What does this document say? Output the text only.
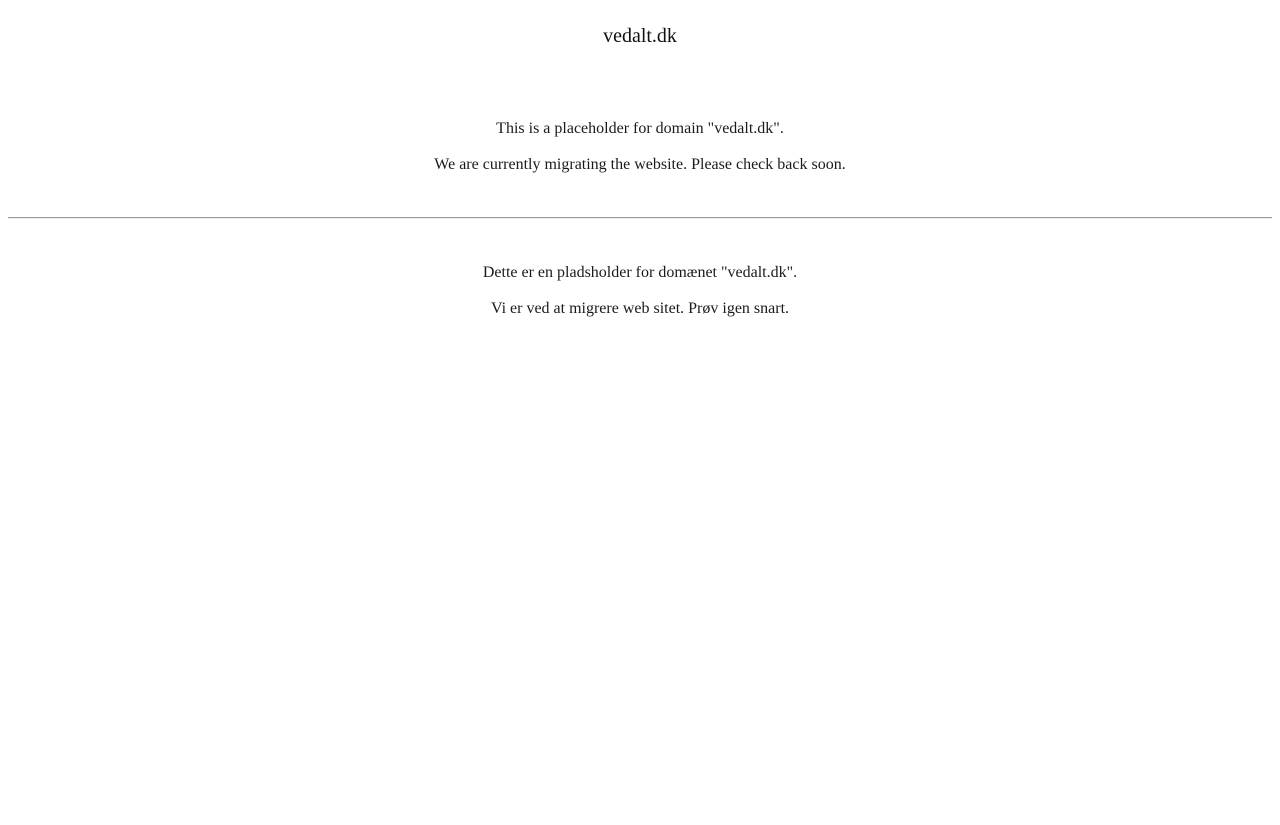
vedalt.dk

This is a placeholder for domain "vedalt.dk".

We are currently migrating the website. Please check back soon.

Dette er en pladsholder for domænet "vedalt.dk".

Vi er ved at migrere web sitet. Prøv igen snart.
